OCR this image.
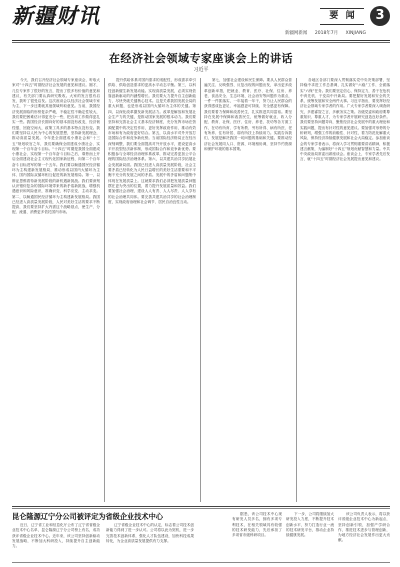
新疆财讯	要 闻	3
新疆网新闻 2018年7月 XINJIANG
在经济社会领域专家座谈会上的讲话
习近平

今天，我们召开经济社会领域专家座谈会，听取大家对“十四五”时期经济社会发展的意见和建议。刚才，几位专家作了很好的发言，提出了很多有价值的意见和建议，有关部门要认真研究吸收。大家的发言很有启发，我听了很受启发。这次座谈会以经济社会领域专家为主，下一步还要就其他领域听取意见。当前，我国经济发展面临的形势复杂严峻，不稳定性不确定性较大，我们要把困难估计得更充分一些，把各项工作做得更扎实一些。我国经济长期向好的基本面没有改变，经济韧性强，回旋空间大，政策工具多的基本特点没有变。我们要坚持以人民为中心的发展思想，坚持新发展理念，推动高质量发展。今年是全面建成小康社会和“十三五”规划收官之年，我们要确保全面建成小康社会、实现第一个百年奋斗目标。“十四五”时期是我国全面建成小康社会、实现第一个百年奋斗目标之后，乘势而上开启全面建设社会主义现代化国家新征程、向第二个百年奋斗目标进军的第一个五年。我们要以畅通国民经济循环为主构建新发展格局，推动形成以国内大循环为主体、国内国际双循环相互促进的新发展格局。第一，以辩证思维看待新发展阶段的新机遇新挑战。我们要深刻认识错综复杂的国际环境带来的新矛盾新挑战，增强机遇意识和风险意识，准确识变、科学应变、主动求变。第二，以畅通国民经济循环为主构建新发展格局。我国已经进入高质量发展阶段，人民对美好生活的要求不断提高，我们要坚持扩大内需这个战略基点，使生产、分配、流通、消费更多依托国内市场。

提升供给体系对国内需求的适配性，形成需求牵引供给、供给创造需求的更高水平动态平衡。第三，以科技创新催生新发展动能。实现高质量发展，必须实现依靠创新驱动的内涵型增长。我们要大力提升自主创新能力，尽快突破关键核心技术。这是关系我国发展全局的重大问题，也是形成以国内大循环为主体的关键。第四，以深化改革激发新发展活力。改革是解放和发展社会生产力的关键，是推动国家发展的根本动力。我们要坚持和完善社会主义基本经济制度，充分发挥市场在资源配置中的决定性作用，更好发挥政府作用，推动有效市场和有为政府更好结合。第五，以高水平对外开放打造国际合作和竞争新优势。当前国际经济格局正在经历深刻调整，我们要全面提高对外开放水平，建设更高水平开放型经济新体制，形成国际合作和竞争新优势。要积极参与全球经济治理体系改革，推动完善更加公平合理的国际经济治理体系。第六，以共建共治共享拓展社会发展新局面。我国已经进入高质量发展阶段，社会主要矛盾已经转化为人民日益增长的美好生活需要和不平衡不充分的发展之间的矛盾。发展中的矛盾和问题集中体现在发展质量上。这就要求我们必须把发展质量问题摆在更为突出的位置，着力提升发展质量和效益。我们要加强社会治理，建设人人有责、人人尽责、人人享有的社会治理共同体。要完善共建共治共享的社会治理制度，实现政府治理和社会调节、居民自治良性互动。

第七，加强社会建设和民生保障。要从人民群众普遍关注、反映强烈、反复出现的问题出发，拿出更多改革创新举措，把就业、教育、医疗、社保、住房、养老、食品安全、生态环境、社会治安等问题作为重点，一件一件抓落实，一年接着一年干，努力让人民群众的获得感成色更足、幸福感更可持续、安全感更有保障。我们要着力保障和改善民生，扎实推进共同富裕。要坚持在发展中保障和改善民生，统筹做好就业、收入分配、教育、社保、医疗、住房、养老、扶幼等各方面工作，在幼有所育、学有所教、劳有所得、病有所医、老有所养、住有所居、弱有所扶上持续用力。实践告诉我们，发展是解决我国一切问题的基础和关键。要推动经济社会发展同人口、资源、环境相协调，坚持节约资源和保护环境的基本国策。

各地区各部门要深入贯彻落实党中央决策部署，坚持稳中求进工作总基调，扎实做好“六稳”工作、全面落实“六保”任务。我们要坚定信心，保持定力，善于在危机中育先机、于变局中开新局。要把握好发展和安全的关系，统筹发展和安全两件大事。习近平指出，要发挥好经济社会领域专家学者的作用。广大专家学者要深入调查研究，多建睿智之言，多献务实之策。各级党委和政府要尊重知识、尊重人才，为专家学者开展研究创造良好条件。我们要坚持问题导向，聚焦经济社会发展中的重大理论和实践问题，提出有针对性的意见建议。要加强对形势的分析研判，增强工作的前瞻性、针对性，着力防范化解重大风险，保持经济持续健康发展和社会大局稳定。参加座谈会的专家学者表示，将深入学习贯彻重要讲话精神，积极建言献策，为编制好“十四五”规划贡献智慧和力量。中共中央政治局常委出席座谈会。座谈会上，专家学者先后发言，就“十四五”时期经济社会发展提出意见和建议。

昆仑隆源辽宁分公司被评定为省级企业技术中心

近日，辽宁省工业和信息化厅公布了辽宁省省级企业技术中心名单，昆仑隆源辽宁分公司榜上有名，成功获评省级企业技术中心。近年来，该公司坚持创新驱动发展战略，不断加大科研投入，持续提升自主创新能力。

辽宁省级企业技术中心的认定，标志着公司技术创新能力得到了进一步认可。公司将以此为契机，进一步完善技术创新体系，强化人才队伍建设，加快科技成果转化，为企业高质量发展提供有力支撑。

据悉，该公司技术中心现有研发人员多名，拥有多项专利技术，在相关领域具有较强的技术研发能力，先后承担了多项省市级科研项目。

下一步，公司将继续加大研发投入力度，不断提升技术创新水平，努力打造行业一流的技术研发平台，推动企业持续健康发展。

该公司负责人表示，将以获评省级企业技术中心为新起点，坚持创新引领，加强产学研合作，推进技术进步与管理创新，为地方经济社会发展作出更大贡献。
